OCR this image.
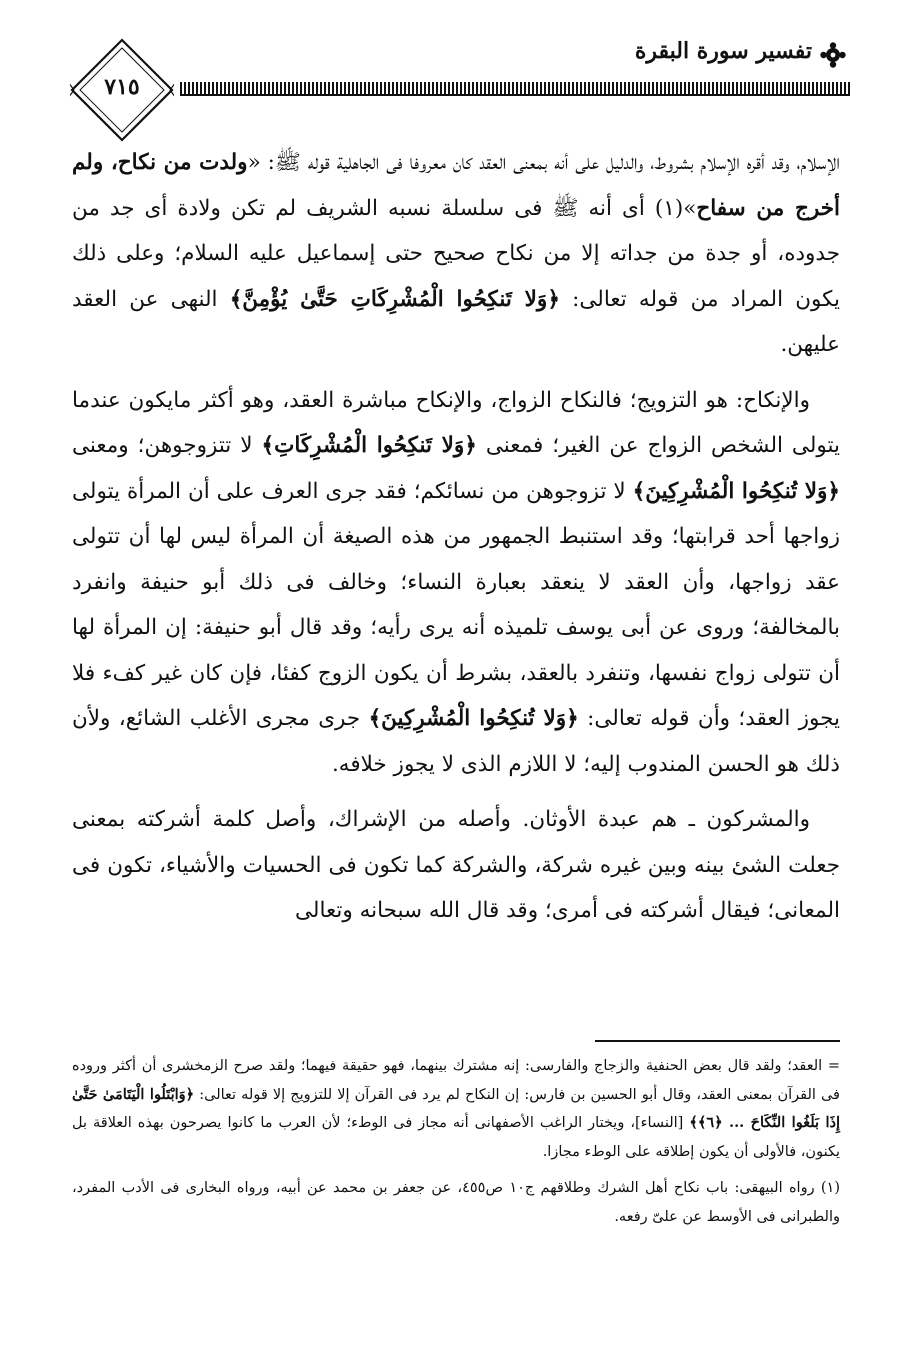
٧١٥
تفسير سورة البقرة

الإسلام، وقد أقره الإسلام بشروط، والدليل على أنه بمعنى العقد كان معروفا فى الجاهلية قوله ﷺ: «ولدت من نكاح، ولم أخرج من سفاح»(١) أى أنه ﷺ فى سلسلة نسبه الشريف لم تكن ولادة أى جد من جدوده، أو جدة من جداته إلا من نكاح صحيح حتى إسماعيل عليه السلام؛ وعلى ذلك يكون المراد من قوله تعالى: ﴿وَلا تَنكِحُوا الْمُشْرِكَاتِ حَتَّىٰ يُؤْمِنَّ﴾ النهى عن العقد عليهن.

والإنكاح: هو التزويج؛ فالنكاح الزواج، والإنكاح مباشرة العقد، وهو أكثر مايكون عندما يتولى الشخص الزواج عن الغير؛ فمعنى ﴿وَلا تَنكِحُوا الْمُشْرِكَاتِ﴾ لا تتزوجوهن؛ ومعنى ﴿وَلا تُنكِحُوا الْمُشْرِكِينَ﴾ لا تزوجوهن من نسائكم؛ فقد جرى العرف على أن المرأة يتولى زواجها أحد قرابتها؛ وقد استنبط الجمهور من هذه الصيغة أن المرأة ليس لها أن تتولى عقد زواجها، وأن العقد لا ينعقد بعبارة النساء؛ وخالف فى ذلك أبو حنيفة وانفرد بالمخالفة؛ وروى عن أبى يوسف تلميذه أنه يرى رأيه؛ وقد قال أبو حنيفة: إن المرأة لها أن تتولى زواج نفسها، وتنفرد بالعقد، بشرط أن يكون الزوج كفئا، فإن كان غير كفء فلا يجوز العقد؛ وأن قوله تعالى: ﴿وَلا تُنكِحُوا الْمُشْرِكِينَ﴾ جرى مجرى الأغلب الشائع، ولأن ذلك هو الحسن المندوب إليه؛ لا اللازم الذى لا يجوز خلافه.

والمشركون ـ هم عبدة الأوثان. وأصله من الإشراك، وأصل كلمة أشركته بمعنى جعلت الشئ بينه وبين غيره شركة، والشركة كما تكون فى الحسيات والأشياء، تكون فى المعانى؛ فيقال أشركته فى أمرى؛ وقد قال الله سبحانه وتعالى

= العقد؛ ولقد قال بعض الحنفية والزجاج والفارسى: إنه مشترك بينهما، فهو حقيقة فيهما؛ ولقد صرح الزمخشرى أن أكثر وروده فى القرآن بمعنى العقد، وقال أبو الحسين بن فارس: إن النكاح لم يرد فى القرآن إلا للتزويج إلا قوله تعالى: ﴿وَابْتَلُوا الْيَتَامَىٰ حَتَّىٰ إِذَا بَلَغُوا النِّكَاحَ ... ﴿٦﴾﴾ [النساء]، ويختار الراغب الأصفهانى أنه مجاز فى الوطء؛ لأن العرب ما كانوا يصرحون بهذه العلاقة بل يكنون، فالأولى أن يكون إطلاقه على الوطء مجازا.

(١) رواه البيهقى: باب نكاح أهل الشرك وطلاقهم ج١٠ ص٤٥٥، عن جعفر بن محمد عن أبيه، ورواه البخارى فى الأدب المفرد، والطبرانى فى الأوسط عن علىّ رفعه.
